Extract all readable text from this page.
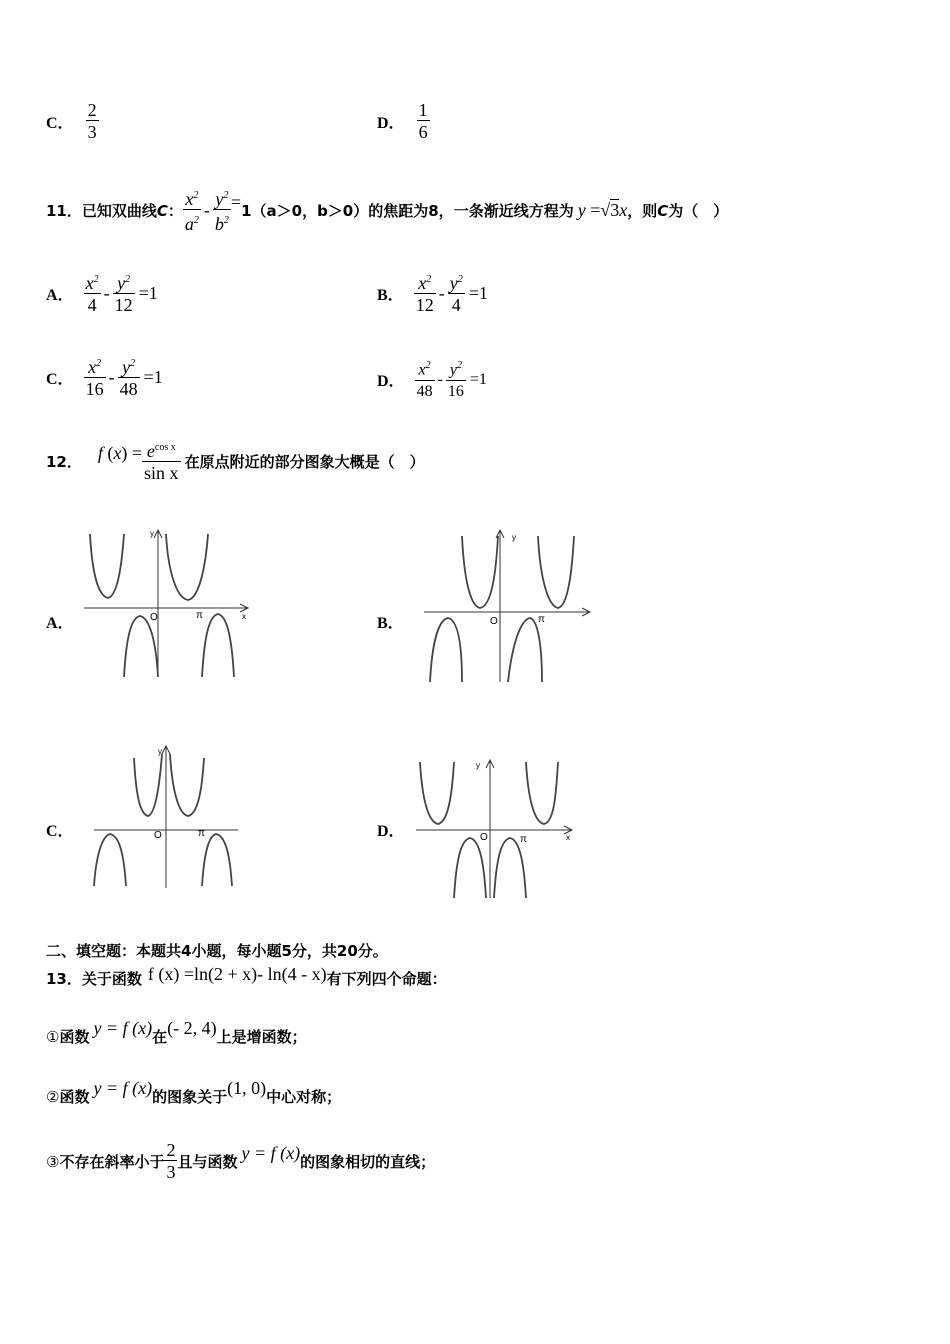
C． $\frac{2}{3}$	D． $\frac{1}{6}$
11． 已知双曲线 C ： $\frac{x^2}{a^2} - \frac{y^2}{b^2} = 1$ （a＞0，b＞0） 的焦距为8，一条渐近线方程为 y =√3x ，则 C 为（　）
A． $\frac{x^2}{4} - \frac{y^2}{12} =1$	B． $\frac{x^2}{12} - \frac{y^2}{4} =1$
C． $\frac{x^2}{16} - \frac{y^2}{48} =1$	D． $\frac{x^2}{48} - \frac{y^2}{16} =1$
12． f $(x) = \frac{e^{cos x}}{\text{sin x}}$ 在原点附近的部分图象大概是（　）
A．	B．
C．	D．
y
x
O	π
y
O	π
y
O	π
y
x
O	π
二、填空题：本题共4小题，每小题5分，共20分。
13． 关于函数 f (x) =ln(2 + x)- ln(4 - x) 有下列四个命题：
① 函数 y = f (x) 在 (- 2, 4) 上是增函数；
② 函数 y = f (x) 的图象关于 (1, 0) 中心对称；
③ 不存在斜率小于 $\frac{2}{3}$ 且与函数 y = f (x) 的图象相切的直线；
